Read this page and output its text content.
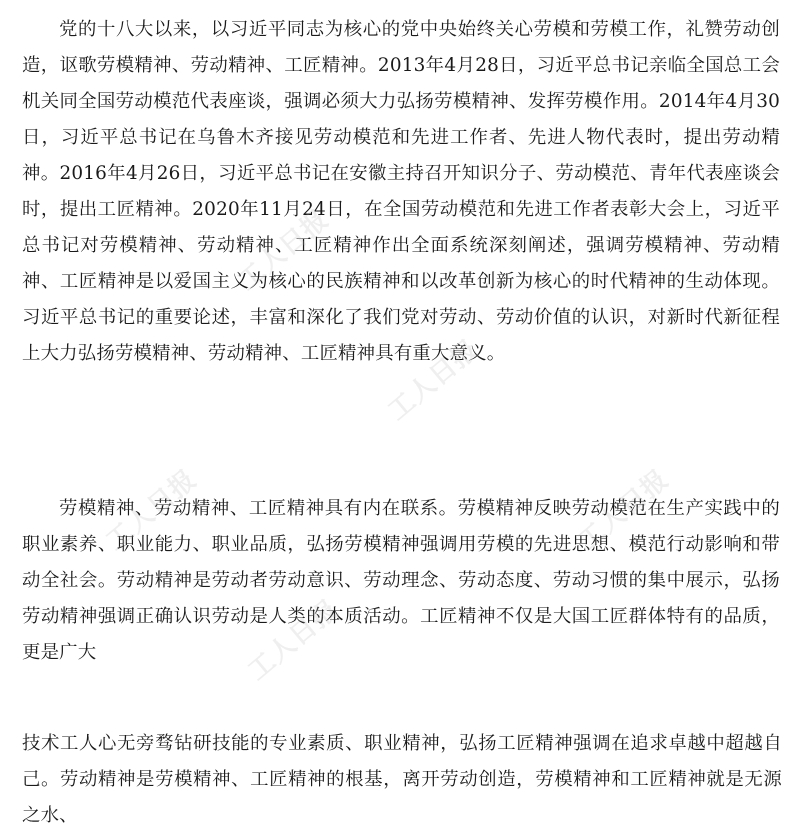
党的十八大以来，以习近平同志为核心的党中央始终关心劳模和劳模工作，礼赞劳动创造，讴歌劳模精神、劳动精神、工匠精神。2013年4月28日，习近平总书记亲临全国总工会机关同全国劳动模范代表座谈，强调必须大力弘扬劳模精神、发挥劳模作用。2014年4月30日，习近平总书记在乌鲁木齐接见劳动模范和先进工作者、先进人物代表时，提出劳动精神。2016年4月26日，习近平总书记在安徽主持召开知识分子、劳动模范、青年代表座谈会时，提出工匠精神。2020年11月24日，在全国劳动模范和先进工作者表彰大会上，习近平总书记对劳模精神、劳动精神、工匠精神作出全面系统深刻阐述，强调劳模精神、劳动精神、工匠精神是以爱国主义为核心的民族精神和以改革创新为核心的时代精神的生动体现。习近平总书记的重要论述，丰富和深化了我们党对劳动、劳动价值的认识，对新时代新征程上大力弘扬劳模精神、劳动精神、工匠精神具有重大意义。

劳模精神、劳动精神、工匠精神具有内在联系。劳模精神反映劳动模范在生产实践中的职业素养、职业能力、职业品质，弘扬劳模精神强调用劳模的先进思想、模范行动影响和带动全社会。劳动精神是劳动者劳动意识、劳动理念、劳动态度、劳动习惯的集中展示，弘扬劳动精神强调正确认识劳动是人类的本质活动。工匠精神不仅是大国工匠群体特有的品质，更是广大

技术工人心无旁骛钻研技能的专业素质、职业精神，弘扬工匠精神强调在追求卓越中超越自己。劳动精神是劳模精神、工匠精神的根基，离开劳动创造，劳模精神和工匠精神就是无源之水、

工人日报
工人日报
工人日报
工人日报
工人日报
